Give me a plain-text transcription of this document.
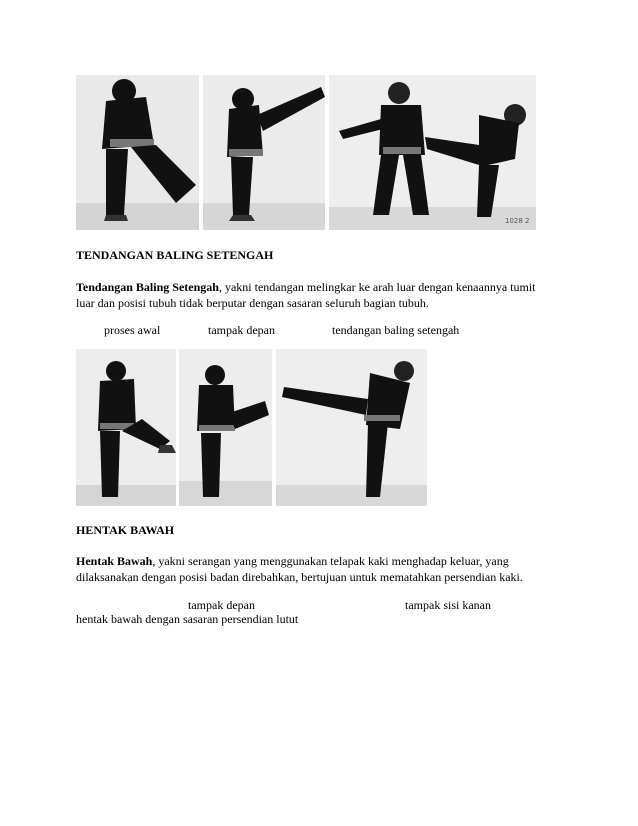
1028 2
TENDANGAN BALING SETENGAH
Tendangan Baling Setengah, yakni tendangan melingkar ke arah luar dengan kenaannya tumit
luar dan posisi tubuh tidak berputar dengan sasaran seluruh bagian tubuh.
proses awal	tampak depan	tendangan baling setengah
HENTAK BAWAH
Hentak Bawah, yakni serangan yang menggunakan telapak kaki menghadap keluar, yang
dilaksanakan dengan posisi badan direbahkan, bertujuan untuk mematahkan persendian kaki.
tampak depan	tampak sisi kanan
hentak bawah dengan sasaran persendian lutut
